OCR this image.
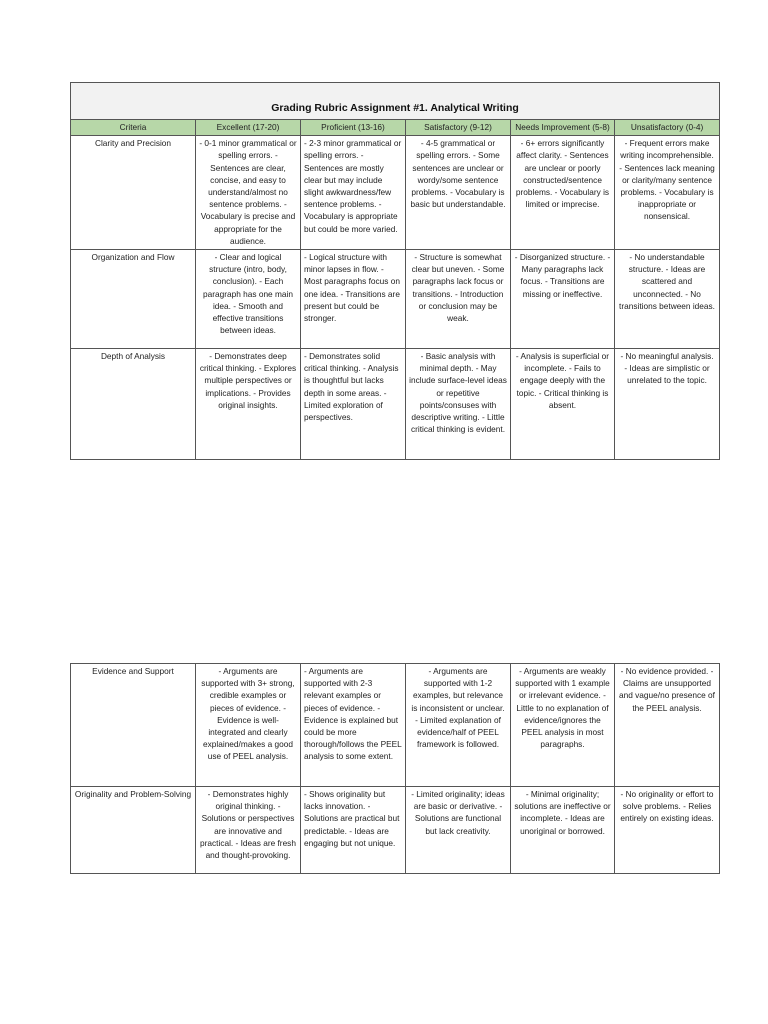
Grading Rubric Assignment #1. Analytical Writing					
Criteria	Excellent (17-20)	Proficient (13-16)	Satisfactory (9-12)	Needs Improvement (5-8)	Unsatisfactory (0-4)
Clarity and Precision	- 0-1 minor grammatical or spelling errors. - Sentences are clear, concise, and easy to understand/almost no sentence problems. - Vocabulary is precise and appropriate for the audience.	- 2-3 minor grammatical or spelling errors. - Sentences are mostly clear but may include slight awkwardness/few sentence problems. - Vocabulary is appropriate but could be more varied.	- 4-5 grammatical or spelling errors. - Some sentences are unclear or wordy/some sentence problems. - Vocabulary is basic but understandable.	- 6+ errors significantly affect clarity. - Sentences are unclear or poorly constructed/sentence problems. - Vocabulary is limited or imprecise.	- Frequent errors make writing incomprehensible. - Sentences lack meaning or clarity/many sentence problems. - Vocabulary is inappropriate or nonsensical.
Organization and Flow	- Clear and logical structure (intro, body, conclusion). - Each paragraph has one main idea. - Smooth and effective transitions between ideas.	- Logical structure with minor lapses in flow. - Most paragraphs focus on one idea. - Transitions are present but could be stronger.	- Structure is somewhat clear but uneven. - Some paragraphs lack focus or transitions. - Introduction or conclusion may be weak.	- Disorganized structure. - Many paragraphs lack focus. - Transitions are missing or ineffective.	- No understandable structure. - Ideas are scattered and unconnected. - No transitions between ideas.
Depth of Analysis	- Demonstrates deep critical thinking. - Explores multiple perspectives or implications. - Provides original insights.	- Demonstrates solid critical thinking. - Analysis is thoughtful but lacks depth in some areas. - Limited exploration of perspectives.	- Basic analysis with minimal depth. - May include surface-level ideas or repetitive points/consuses with descriptive writing. - Little critical thinking is evident.	- Analysis is superficial or incomplete. - Fails to engage deeply with the topic. - Critical thinking is absent.	- No meaningful analysis. - Ideas are simplistic or unrelated to the topic.
Evidence and Support	- Arguments are supported with 3+ strong, credible examples or pieces of evidence. - Evidence is well-integrated and clearly explained/makes a good use of PEEL analysis.	- Arguments are supported with 2-3 relevant examples or pieces of evidence. - Evidence is explained but could be more thorough/follows the PEEL analysis to some extent.	- Arguments are supported with 1-2 examples, but relevance is inconsistent or unclear. - Limited explanation of evidence/half of PEEL framework is followed.	- Arguments are weakly supported with 1 example or irrelevant evidence. - Little to no explanation of evidence/ignores the PEEL analysis in most paragraphs.	- No evidence provided. - Claims are unsupported and vague/no presence of the PEEL analysis.
Originality and Problem-Solving	- Demonstrates highly original thinking. - Solutions or perspectives are innovative and practical. - Ideas are fresh and thought-provoking.	- Shows originality but lacks innovation. - Solutions are practical but predictable. - Ideas are engaging but not unique.	- Limited originality; ideas are basic or derivative. - Solutions are functional but lack creativity.	- Minimal originality; solutions are ineffective or incomplete. - Ideas are unoriginal or borrowed.	- No originality or effort to solve problems. - Relies entirely on existing ideas.
